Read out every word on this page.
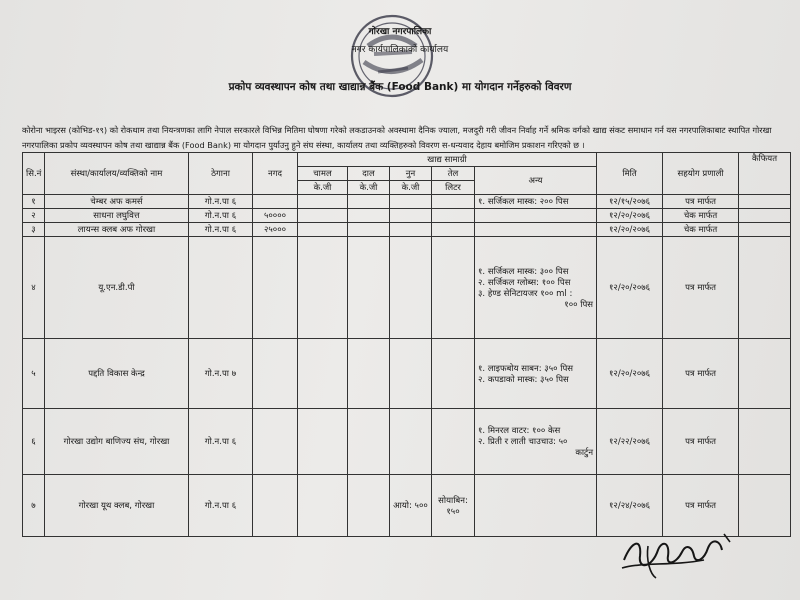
गोरखा नगरपालिका
नगर कार्यपालिकाको कार्यालय
प्रकोप व्यवस्थापन कोष तथा खाद्यान्न बैंक (Food Bank) मा योगदान गर्नेहरुको विवरण
कोरोना भाइरस (कोभिड-१९) को रोकथाम तथा नियन्त्रणका लागि नेपाल सरकारले विभिन्न मितिमा घोषणा गरेको लकडाउनको अवस्थामा दैनिक ज्याला, मजदुरी गरी जीवन निर्वाह गर्ने श्रमिक वर्गको खाद्य संकट समाधान गर्न यस नगरपालिकाबाट स्थापित गोरखा नगरपालिका प्रकोप व्यवस्थापन कोष तथा खाद्यान्न बैंक (Food Bank) मा योगदान पुर्याउनु हुने संघ संस्था, कार्यालय तथा व्यक्तिहरुको विवरण स-धन्यवाद देहाय बमोजिम प्रकाशन गरिएको छ ।
सि.नं	संस्था/कार्यालय/व्यक्तिको नाम	ठेगाना	नगद	खाद्य सामाग्री					मिति	सहयोग प्रणाली	कैफियत
				चामल	दाल	नुन	तेल	अन्य			
				के.जी	के.जी	के.जी	लिटर				
१	चेम्बर अफ कमर्स	गो.न.पा ६						१. सर्जिकल मास्क: २०० पिस	१२/१५/२०७६	पत्र मार्फत	
२	साधना लघुवित्त	गो.न.पा ६	५००००						१२/२०/२०७६	चेक मार्फत	
३	लायन्स क्लब अफ गोरखा	गो.न.पा ६	२५०००						१२/२०/२०७६	चेक मार्फत	
४	यू.एन.डी.पी							१. सर्जिकल मास्क: ३०० पिस
२. सर्जिकल ग्लोब्स: १०० पिस
३. हेण्ड सेनिटायजर १०० ml :
१०० पिस	१२/२०/२०७६	पत्र मार्फत	
५	पद्दति विकास केन्द्र	गो.न.पा ७						१. लाइफबोय साबन: ३५० पिस
२. कपडाको मास्क: ३५० पिस	१२/२०/२०७६	पत्र मार्फत	
६	गोरखा उद्योग बाणिज्य संघ, गोरखा	गो.न.पा ६						१. मिनरल वाटर: १०० केस
२. प्रिती र लाती चाउचाउ: ५०
कार्टुन	१२/२२/२०७६	पत्र मार्फत	
७	गोरखा यूथ क्लब, गोरखा	गो.न.पा ६				आयो: ५००	सोयाबिन: १५०		१२/२४/२०७६	पत्र मार्फत	
